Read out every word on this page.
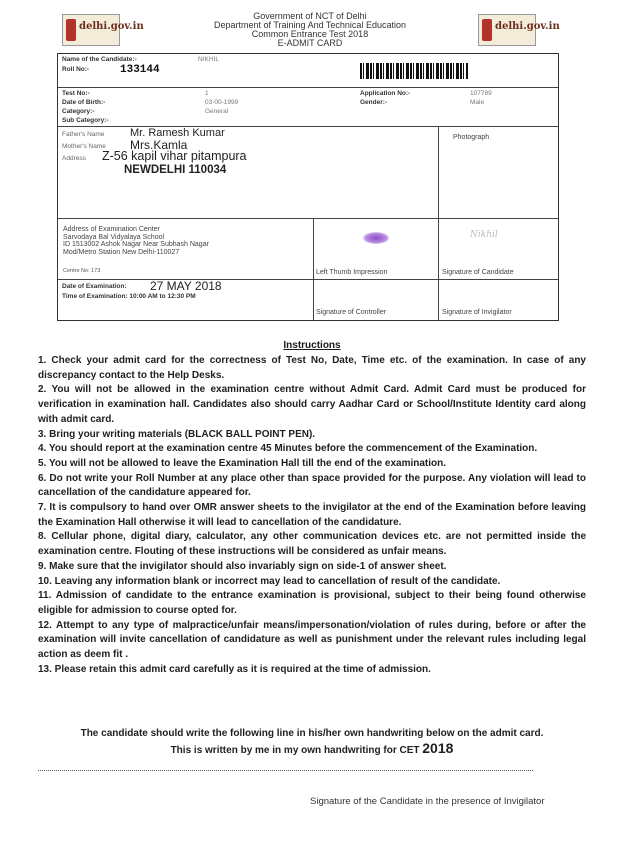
delhi.gov.in
Government of NCT of Delhi
Department of Training And Technical Education
Common Entrance Test 2018
E-ADMIT CARD
delhi.gov.in
Name of the Candidate:-	NIKHIL
Roll No:-	133144
Test No:-	1
Date of Birth:-	03-00-1999
Category:-	General
Sub Category:-
Application No:-	107789
Gender:-	Male
Father's Name Mr. Ramesh Kumar
Mother's Name Mrs.Kamla
Address Z-56 kapil vihar pitampura
NEWDELHI 110034
Photograph
Address of Examination Center
Sarvodaya Bal Vidyalaya School
ID 1513002 Ashok Nagar Near Subhash Nagar
Mod/Metro Station New Delhi-110027
Centre No: 173
Nikhil
Left Thumb Impression	Signature of Candidate
Date of Examination: 27 MAY 2018
Time of Examination: 10:00 AM to 12:30 PM
Signature of Controller	Signature of Invigilator
Instructions
1. Check your admit card for the correctness of Test No, Date, Time etc. of the examination. In case of any discrepancy contact to the Help Desks.
2. You will not be allowed in the examination centre without Admit Card. Admit Card must be produced for verification in examination hall. Candidates also should carry Aadhar Card or School/Institute Identity card along with admit card.
3. Bring your writing materials (BLACK BALL POINT PEN).
4. You should report at the examination centre 45 Minutes before the commencement of the Examination.
5. You will not be allowed to leave the Examination Hall till the end of the examination.
6. Do not write your Roll Number at any place other than space provided for the purpose. Any violation will lead to cancellation of the candidature appeared for.
7. It is compulsory to hand over OMR answer sheets to the invigilator at the end of the Examination before leaving the Examination Hall otherwise it will lead to cancellation of the candidature.
8. Cellular phone, digital diary, calculator, any other communication devices etc. are not permitted inside the examination centre. Flouting of these instructions will be considered as unfair means.
9. Make sure that the invigilator should also invariably sign on side-1 of answer sheet.
10. Leaving any information blank or incorrect may lead to cancellation of result of the candidate.
11. Admission of candidate to the entrance examination is provisional, subject to their being found otherwise eligible for admission to course opted for.
12. Attempt to any type of malpractice/unfair means/impersonation/violation of rules during, before or after the examination will invite cancellation of candidature as well as punishment under the relevant rules including legal action as deem fit .
13. Please retain this admit card carefully as it is required at the time of admission.
The candidate should write the following line in his/her own handwriting below on the admit card.
This is written by me in my own handwriting for CET 2018
Signature of the Candidate in the presence of Invigilator
